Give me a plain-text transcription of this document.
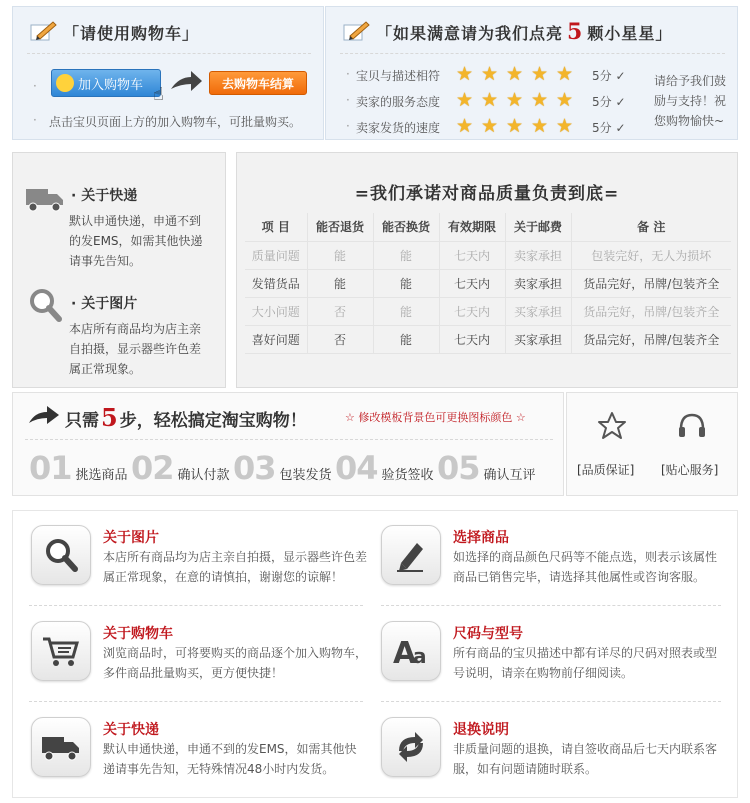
「请使用购物车」
·	加入购物车 ☝
去购物车结算
· 点击宝贝页面上方的加入购物车，可批量购买。
「如果满意请为我们点亮 5 颗小星星」
请给予我们鼓
励与支持！祝
您购物愉快~
· 宝贝与描述相符 ★ ★ ★ ★ ★ 5分 ✓
· 卖家的服务态度 ★ ★ ★ ★ ★ 5分 ✓
· 卖家发货的速度 ★ ★ ★ ★ ★ 5分 ✓
· 关于快递
默认申通快递，申通不到
的发EMS，如需其他快递
请事先告知。
· 关于图片
本店所有商品均为店主亲
自拍摄，显示器些许色差
属正常现象。
=我们承诺对商品质量负责到底=
项 目	能否退货	能否换货	有效期限	关于邮费	备 注
质量问题	能	能	七天内	卖家承担	包装完好，无人为损坏
发错货品	能	能	七天内	卖家承担	货品完好，吊牌/包装齐全
大小问题	否	能	七天内	买家承担	货品完好，吊牌/包装齐全
喜好问题	否	能	七天内	买家承担	货品完好，吊牌/包装齐全
只需5 步，轻松搞定淘宝购物！	☆ 修改模板背景色可更换图标颜色 ☆
01 挑选商品 02 确认付款 03 包装发货 04 验货签收 05 确认互评	[品质保证] [贴心服务]
关于图片
本店所有商品均为店主亲自拍摄，显示器些许色差
属正常现象，在意的请慎拍，谢谢您的谅解！
选择商品
如选择的商品颜色尺码等不能点选，则表示该属性
商品已销售完毕，请选择其他属性或咨询客服。
关于购物车
浏览商品时，可将要购买的商品逐个加入购物车，
多件商品批量购买，更方便快捷！
A
a
尺码与型号
所有商品的宝贝描述中都有详尽的尺码对照表或型
号说明，请亲在购物前仔细阅读。
关于快递
默认申通快递，申通不到的发EMS，如需其他快
递请事先告知，无特殊情况48小时内发货。
退换说明
非质量问题的退换，请自签收商品后七天内联系客
服，如有问题请随时联系。
